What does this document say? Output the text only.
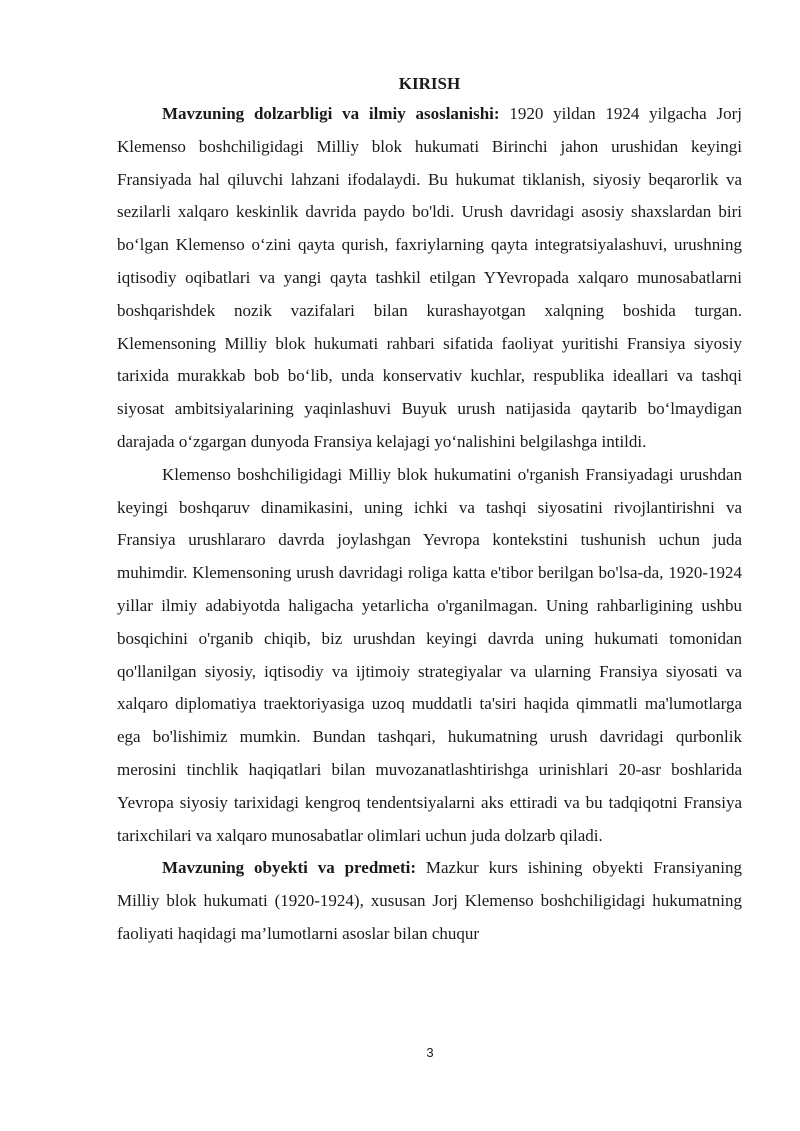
KIRISH

Mavzuning dolzarbligi va ilmiy asoslanishi: 1920 yildan 1924 yilgacha Jorj Klemenso boshchiligidagi Milliy blok hukumati Birinchi jahon urushidan keyingi Fransiyada hal qiluvchi lahzani ifodalaydi. Bu hukumat tiklanish, siyosiy beqarorlik va sezilarli xalqaro keskinlik davrida paydo bo'ldi. Urush davridagi asosiy shaxslardan biri bo‘lgan Klemenso o‘zini qayta qurish, faxriylarning qayta integratsiyalashuvi, urushning iqtisodiy oqibatlari va yangi qayta tashkil etilgan YYevropada xalqaro munosabatlarni boshqarishdek nozik vazifalari bilan kurashayotgan xalqning boshida turgan. Klemensoning Milliy blok hukumati rahbari sifatida faoliyat yuritishi Fransiya siyosiy tarixida murakkab bob bo‘lib, unda konservativ kuchlar, respublika ideallari va tashqi siyosat ambitsiyalarining yaqinlashuvi Buyuk urush natijasida qaytarib bo‘lmaydigan darajada o‘zgargan dunyoda Fransiya kelajagi yo‘nalishini belgilashga intildi.

Klemenso boshchiligidagi Milliy blok hukumatini o'rganish Fransiyadagi urushdan keyingi boshqaruv dinamikasini, uning ichki va tashqi siyosatini rivojlantirishni va Fransiya urushlararo davrda joylashgan Yevropa kontekstini tushunish uchun juda muhimdir. Klemensoning urush davridagi roliga katta e'tibor berilgan bo'lsa-da, 1920-1924 yillar ilmiy adabiyotda haligacha yetarlicha o'rganilmagan. Uning rahbarligining ushbu bosqichini o'rganib chiqib, biz urushdan keyingi davrda uning hukumati tomonidan qo'llanilgan siyosiy, iqtisodiy va ijtimoiy strategiyalar va ularning Fransiya siyosati va xalqaro diplomatiya traektoriyasiga uzoq muddatli ta'siri haqida qimmatli ma'lumotlarga ega bo'lishimiz mumkin. Bundan tashqari, hukumatning urush davridagi qurbonlik merosini tinchlik haqiqatlari bilan muvozanatlashtirishga urinishlari 20-asr boshlarida Yevropa siyosiy tarixidagi kengroq tendentsiyalarni aks ettiradi va bu tadqiqotni Fransiya tarixchilari va xalqaro munosabatlar olimlari uchun juda dolzarb qiladi.

Mavzuning obyekti va predmeti: Mazkur kurs ishining obyekti Fransiyaning Milliy blok hukumati (1920-1924), xususan Jorj Klemenso boshchiligidagi hukumatning faoliyati haqidagi ma’lumotlarni asoslar bilan chuqur

3
